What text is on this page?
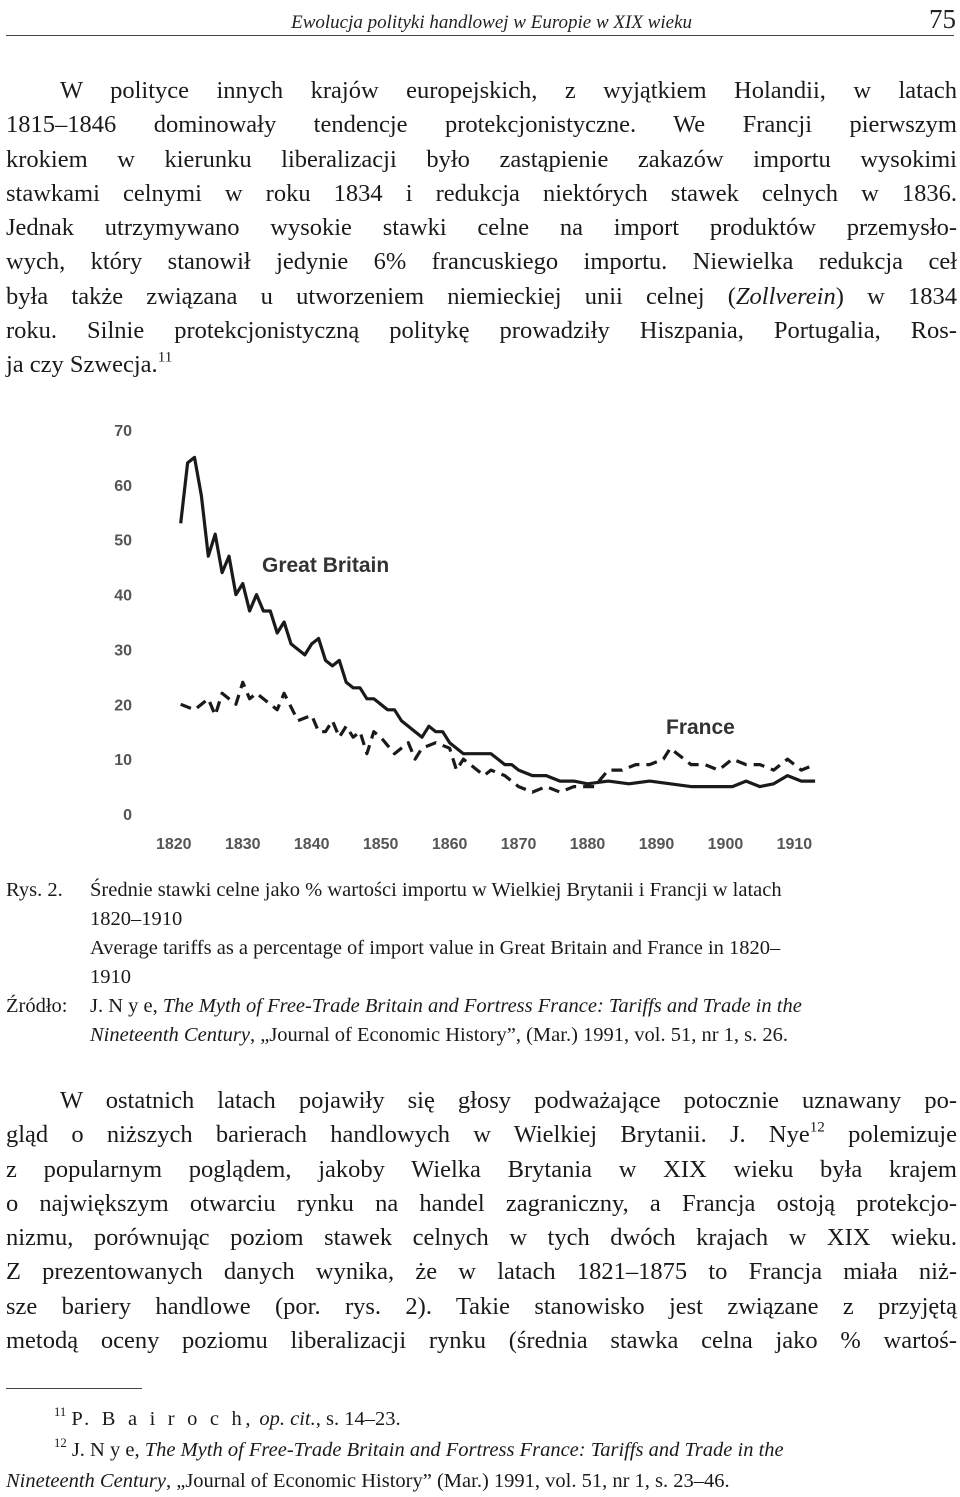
Ewolucja polityki handlowej w Europie w XIX wieku	75
W polityce innych krajów europejskich, z wyjątkiem Holandii, w latach
1815–1846 dominowały tendencje protekcjonistyczne. We Francji pierwszym
krokiem w kierunku liberalizacji było zastąpienie zakazów importu wysokimi
stawkami celnymi w roku 1834 i redukcja niektórych stawek celnych w 1836.
Jednak utrzymywano wysokie stawki celne na import produktów przemysło-
wych, który stanowił jedynie 6% francuskiego importu. Niewielka redukcja ceł
była także związana u utworzeniem niemieckiej unii celnej (Zollverein) w 1834
roku. Silnie protekcjonistyczną politykę prowadziły Hiszpania, Portugalia, Ros-
ja czy Szwecja.$^{11}$
0
10
20
30
40
50
60
70
1820 1830 1840 1850 1860 1870 1880 1890 1900 1910
Great Britain
France
Rys. 2. Średnie stawki celne jako % wartości importu w Wielkiej Brytanii i Francji w latach
1820–1910
Average tariffs as a percentage of import value in Great Britain and France in 1820–
1910
Źródło: J. N y e, The Myth of Free-Trade Britain and Fortress France: Tariffs and Trade in the
Nineteenth Century, „Journal of Economic History”, (Mar.) 1991, vol. 51, nr 1, s. 26.
W ostatnich latach pojawiły się głosy podważające potocznie uznawany po-
gląd o niższych barierach handlowych w Wielkiej Brytanii. J. Nye$^{12}$ polemizuje
z popularnym poglądem, jakoby Wielka Brytania w XIX wieku była krajem
o największym otwarciu rynku na handel zagraniczny, a Francja ostoją protekcjo-
nizmu, porównując poziom stawek celnych w tych dwóch krajach w XIX wieku.
Z prezentowanych danych wynika, że w latach 1821–1875 to Francja miała niż-
sze bariery handlowe (por. rys. 2). Takie stanowisko jest związane z przyjętą
metodą oceny poziomu liberalizacji rynku (średnia stawka celna jako % wartoś-
$^{11}$ P. B a i r o c h, op. cit., s. 14–23.
$^{12}$ J. N y e, The Myth of Free-Trade Britain and Fortress France: Tariffs and Trade in the
Nineteenth Century, „Journal of Economic History” (Mar.) 1991, vol. 51, nr 1, s. 23–46.
